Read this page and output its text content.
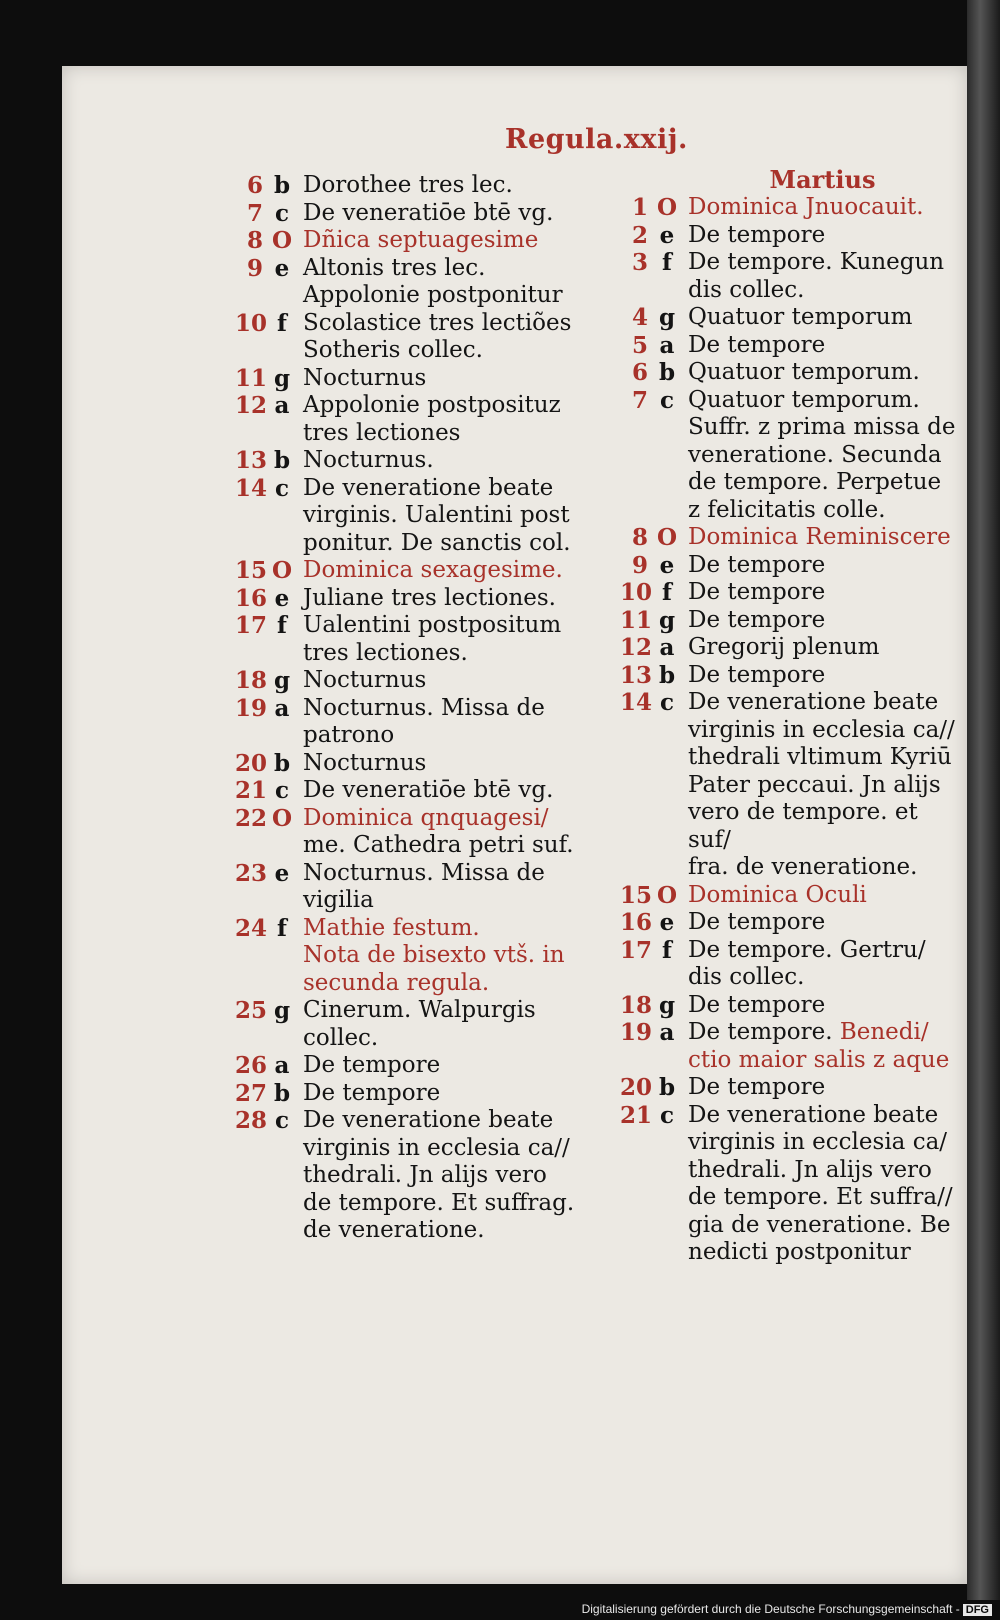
Regula.xxij.
6 b Dorothee tres lec.
7 c De veneratiōe btē vg.
8 O Dñica septuagesime
9 e Altonis tres lec.
Appolonie postponitur
10 f Scolastice tres lectiões
Sotheris collec.
11 g Nocturnus
12 a Appolonie postposituz
tres lectiones
13 b Nocturnus.
14 c De veneratione beate
virginis. Ualentini post
ponitur. De sanctis col.
15 O Dominica sexagesime.
16 e Juliane tres lectiones.
17 f Ualentini postpositum
tres lectiones.
18 g Nocturnus
19 a Nocturnus. Missa de
patrono
20 b Nocturnus
21 c De veneratiōe btē vg.
22 O Dominica qnquagesi/
me. Cathedra petri suf.
23 e Nocturnus. Missa de
vigilia
24 f Mathie festum.
Nota de bisexto vtš. in
secunda regula.
25 g Cinerum. Walpurgis
collec.
26 a De tempore
27 b De tempore
28 c De veneratione beate
virginis in ecclesia ca//
thedrali. Jn alijs vero
de tempore. Et suffrag.
de veneratione.
Martius
1 O Dominica Jnuocauit.
2 e De tempore
3 f De tempore. Kunegun
dis collec.
4 g Quatuor temporum
5 a De tempore
6 b Quatuor temporum.
7 c Quatuor temporum.
Suffr. z prima missa de
veneratione. Secunda
de tempore. Perpetue
z felicitatis colle.
8 O Dominica Reminiscere
9 e De tempore
10 f De tempore
11 g De tempore
12 a Gregorij plenum
13 b De tempore
14 c De veneratione beate
virginis in ecclesia ca//
thedrali vltimum Kyriū
Pater peccaui. Jn alijs
vero de tempore. et suf/
fra. de veneratione.
15 O Dominica Oculi
16 e De tempore
17 f De tempore. Gertru/
dis collec.
18 g De tempore
19 a De tempore. Benedi/
ctio maior salis z aque
20 b De tempore
21 c De veneratione beate
virginis in ecclesia ca/
thedrali. Jn alijs vero
de tempore. Et suffra//
gia de veneratione. Be
nedicti postponitur
Digitalisierung gefördert durch die Deutsche Forschungsgemeinschaft - DFG
